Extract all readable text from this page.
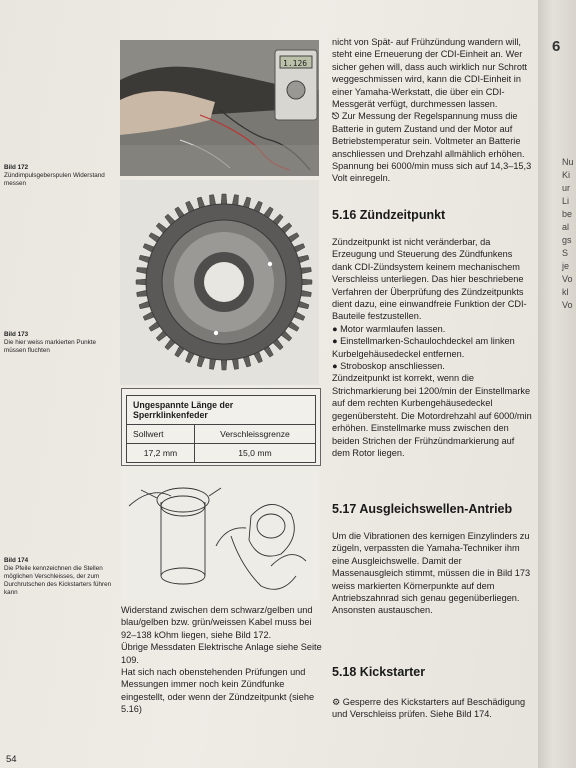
Bild 172
Zündimpulsgeberspulen Widerstand messen
Bild 173
Die hier weiss markierten Punkte müssen fluchten
Bild 174
Die Pfeile kennzeichnen die Stellen möglichen Verschleisses, der zum Durchrutschen des Kickstarters führen kann
1.126
Ungespannte Länge der Sperrklinkenfeder	
Sollwert	Verschleissgrenze
17,2 mm	15,0 mm

Widerstand zwischen dem schwarz/gelben und blau/gelben bzw. grün/weissen Kabel muss bei 92–138 kOhm liegen, siehe Bild 172.

Übrige Messdaten Elektrische Anlage siehe Seite 109.

Hat sich nach obenstehenden Prüfungen und Messungen immer noch kein Zündfunke eingestellt, oder wenn der Zündzeitpunkt (siehe 5.16)

nicht von Spät- auf Frühzündung wandern will, steht eine Erneuerung der CDI-Einheit an. Wer sicher gehen will, dass auch wirklich nur Schrott weggeschmissen wird, kann die CDI-Einheit in einer Yamaha-Werkstatt, die über ein CDI-Messgerät verfügt, durchmessen lassen.

⎋ Zur Messung der Regelspannung muss die Batterie in gutem Zustand und der Motor auf Betriebstemperatur sein. Voltmeter an Batterie anschliessen und Drehzahl allmählich erhöhen. Spannung bei 6000/min muss sich auf 14,3–15,3 Volt einregeln.

5.16 Zündzeitpunkt

Zündzeitpunkt ist nicht veränderbar, da Erzeugung und Steuerung des Zündfunkens dank CDI-Zündsystem keinem mechanischem Verschleiss unterliegen. Das hier beschriebene Verfahren der Überprüfung des Zündzeitpunkts dient dazu, eine einwandfreie Funktion der CDI-Bauteile festzustellen.

● Motor warmlaufen lassen.

● Einstellmarken-Schaulochdeckel am linken Kurbelgehäusedeckel entfernen.

● Stroboskop anschliessen.

Zündzeitpunkt ist korrekt, wenn die Strichmarkierung bei 1200/min der Einstellmarke auf dem rechten Kurbengehäusedeckel gegenübersteht. Die Motordrehzahl auf 6000/min erhöhen. Einstellmarke muss zwischen den beiden Strichen der Frühzündmarkierung auf dem Rotor liegen.

5.17 Ausgleichswellen-Antrieb

Um die Vibrationen des kernigen Einzylinders zu zügeln, verpassten die Yamaha-Techniker ihm eine Ausgleichswelle. Damit der Massenausgleich stimmt, müssen die in Bild 173 weiss markierten Körnerpunkte auf dem Antriebszahnrad sich genau gegenüberliegen. Ansonsten austauschen.

5.18 Kickstarter

⚙ Gesperre des Kickstarters auf Beschädigung und Verschleiss prüfen. Siehe Bild 174.

54
6
Nu
Ki
ur
Li
be
al
gs
S
je
Vo
kl
Vo
